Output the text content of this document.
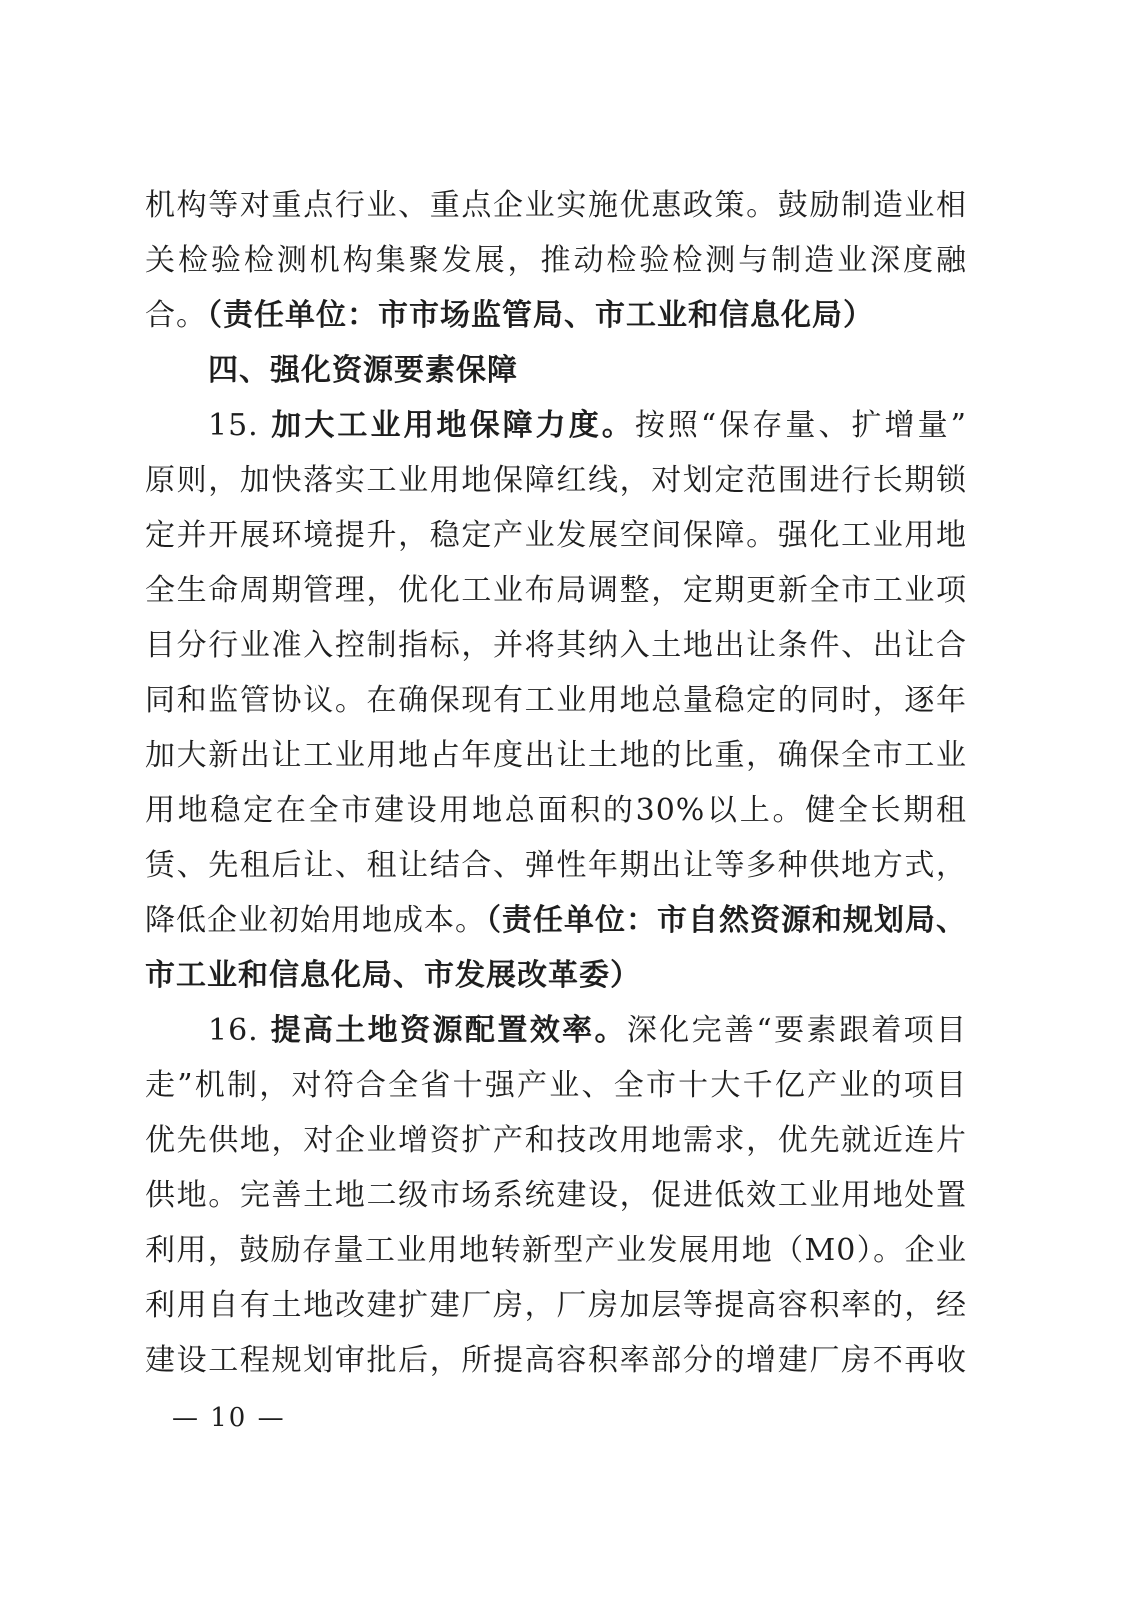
机构等对重点行业、重点企业实施优惠政策。鼓励制造业相
关检验检测机构集聚发展，推动检验检测与制造业深度融
合。（责任单位：市市场监管局、市工业和信息化局）
四、强化资源要素保障
15. 加大工业用地保障力度。按照“保存量、扩增量”
原则，加快落实工业用地保障红线，对划定范围进行长期锁
定并开展环境提升，稳定产业发展空间保障。强化工业用地
全生命周期管理，优化工业布局调整，定期更新全市工业项
目分行业准入控制指标，并将其纳入土地出让条件、出让合
同和监管协议。在确保现有工业用地总量稳定的同时，逐年
加大新出让工业用地占年度出让土地的比重，确保全市工业
用地稳定在全市建设用地总面积的30%以上。健全长期租
赁、先租后让、租让结合、弹性年期出让等多种供地方式，
降低企业初始用地成本。（责任单位：市自然资源和规划局、
市工业和信息化局、市发展改革委）
16. 提高土地资源配置效率。深化完善“要素跟着项目
走”机制，对符合全省十强产业、全市十大千亿产业的项目
优先供地，对企业增资扩产和技改用地需求，优先就近连片
供地。完善土地二级市场系统建设，促进低效工业用地处置
利用，鼓励存量工业用地转新型产业发展用地（M0）。企业
利用自有土地改建扩建厂房，厂房加层等提高容积率的，经
建设工程规划审批后，所提高容积率部分的增建厂房不再收
— 10 —
